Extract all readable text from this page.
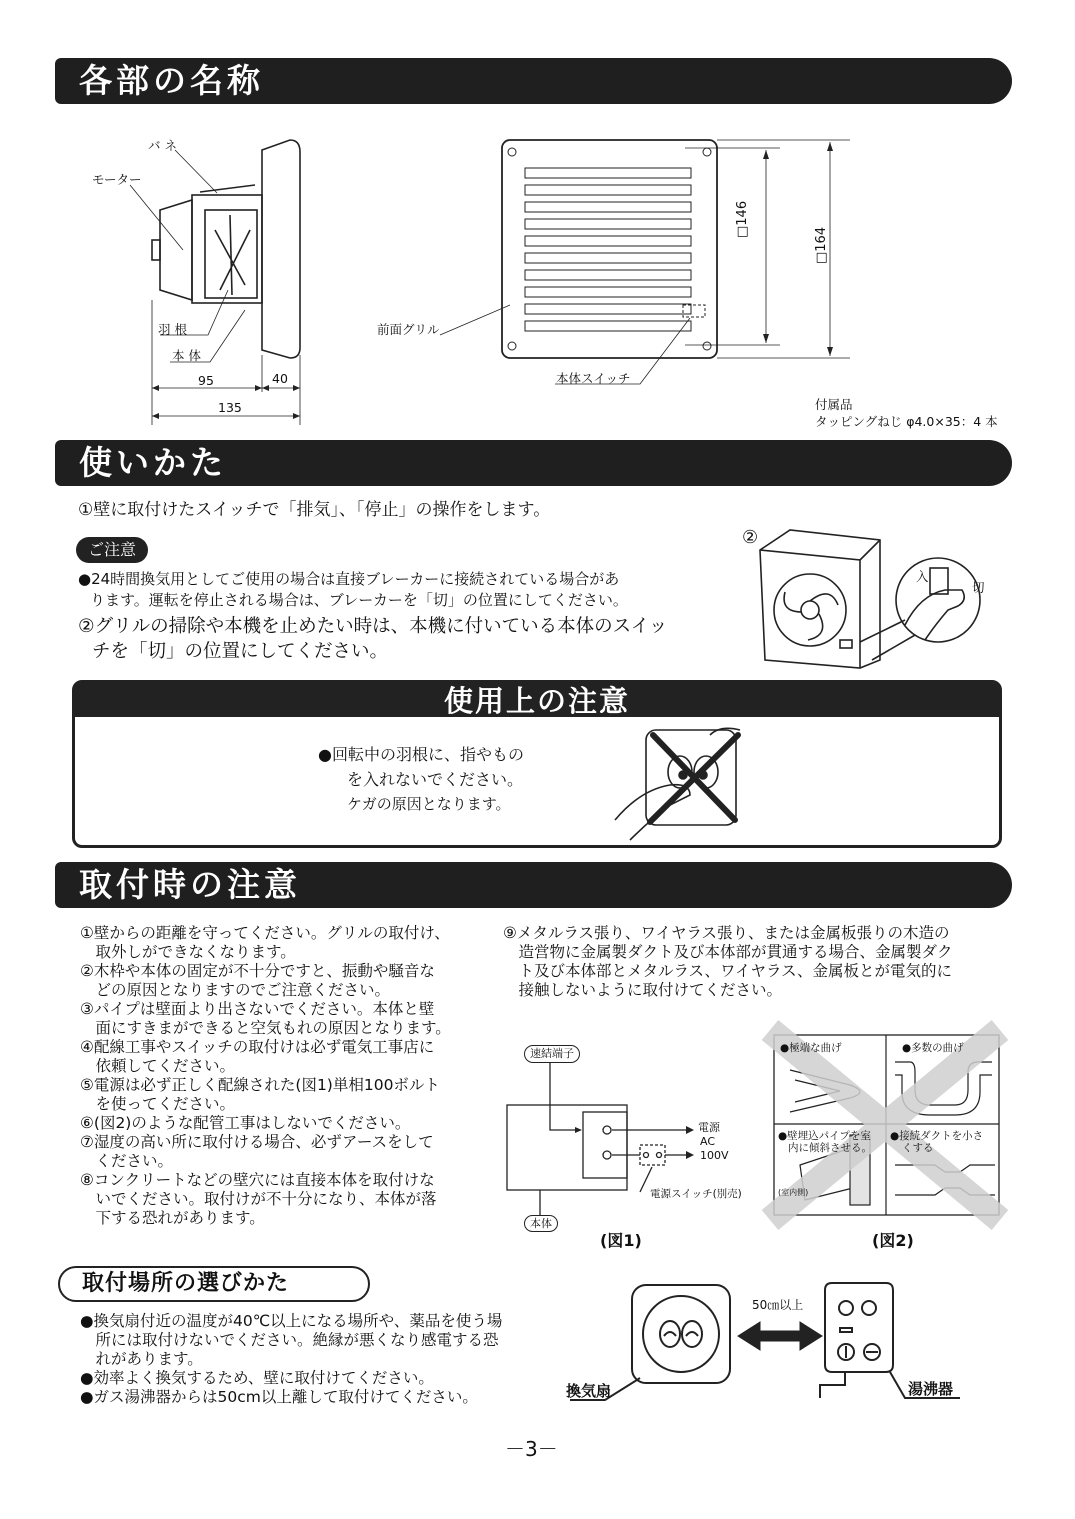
各部の名称
バ ネ
モーター
羽 根
本 体
95	40
135
前面グリル
本体スイッチ
□146
□164
付属品
タッピングねじ φ4.0×35：4 本
使いかた
①壁に取付けたスイッチで「排気」、「停止」の操作をします。
ご注意
●24時間換気用としてご使用の場合は直接ブレーカーに接続されている場合があ
ります。運転を停止される場合は、ブレーカーを「切」の位置にしてください。
②グリルの掃除や本機を止めたい時は、本機に付いている本体のスイッ
チを「切」の位置にしてください。
②
入
切
使用上の注意
●回転中の羽根に、指やもの
を入れないでください。
ケガの原因となります。
取付時の注意
①壁からの距離を守ってください。グリルの取付け、
　取外しができなくなります。
②木枠や本体の固定が不十分ですと、振動や騒音な
　どの原因となりますのでご注意ください。
③パイプは壁面より出さないでください。本体と壁
　面にすきまができると空気もれの原因となります。
④配線工事やスイッチの取付けは必ず電気工事店に
　依頼してください。
⑤電源は必ず正しく配線された(図1)単相100ボルト
　を使ってください。
⑥(図2)のような配管工事はしないでください。
⑦湿度の高い所に取付ける場合、必ずアースをして
　ください。
⑧コンクリートなどの壁穴には直接本体を取付けな
　いでください。取付けが不十分になり、本体が落
　下する恐れがあります。
⑨メタルラス張り、ワイヤラス張り、または金属板張りの木造の
　造営物に金属製ダクト及び本体部が貫通する場合、金属製ダク
　ト及び本体部とメタルラス、ワイヤラス、金属板とが電気的に
　接触しないように取付けてください。
速結端子
電源
AC
100V
電源スイッチ(別売)
本体
(図1)
●極端な曲げ	●多数の曲げ
●壁埋込パイプを室
内に傾斜させる。
(室内側)
●接続ダクトを小さ
くする
(図2)
取付場所の選びかた
●換気扇付近の温度が40℃以上になる場所や、薬品を使う場
　所には取付けないでください。絶縁が悪くなり感電する恐
　れがあります。
●効率よく換気するため、壁に取付けてください。
●ガス湯沸器からは50cm以上離して取付けてください。
50㎝以上
換気扇	湯沸器
－3－
